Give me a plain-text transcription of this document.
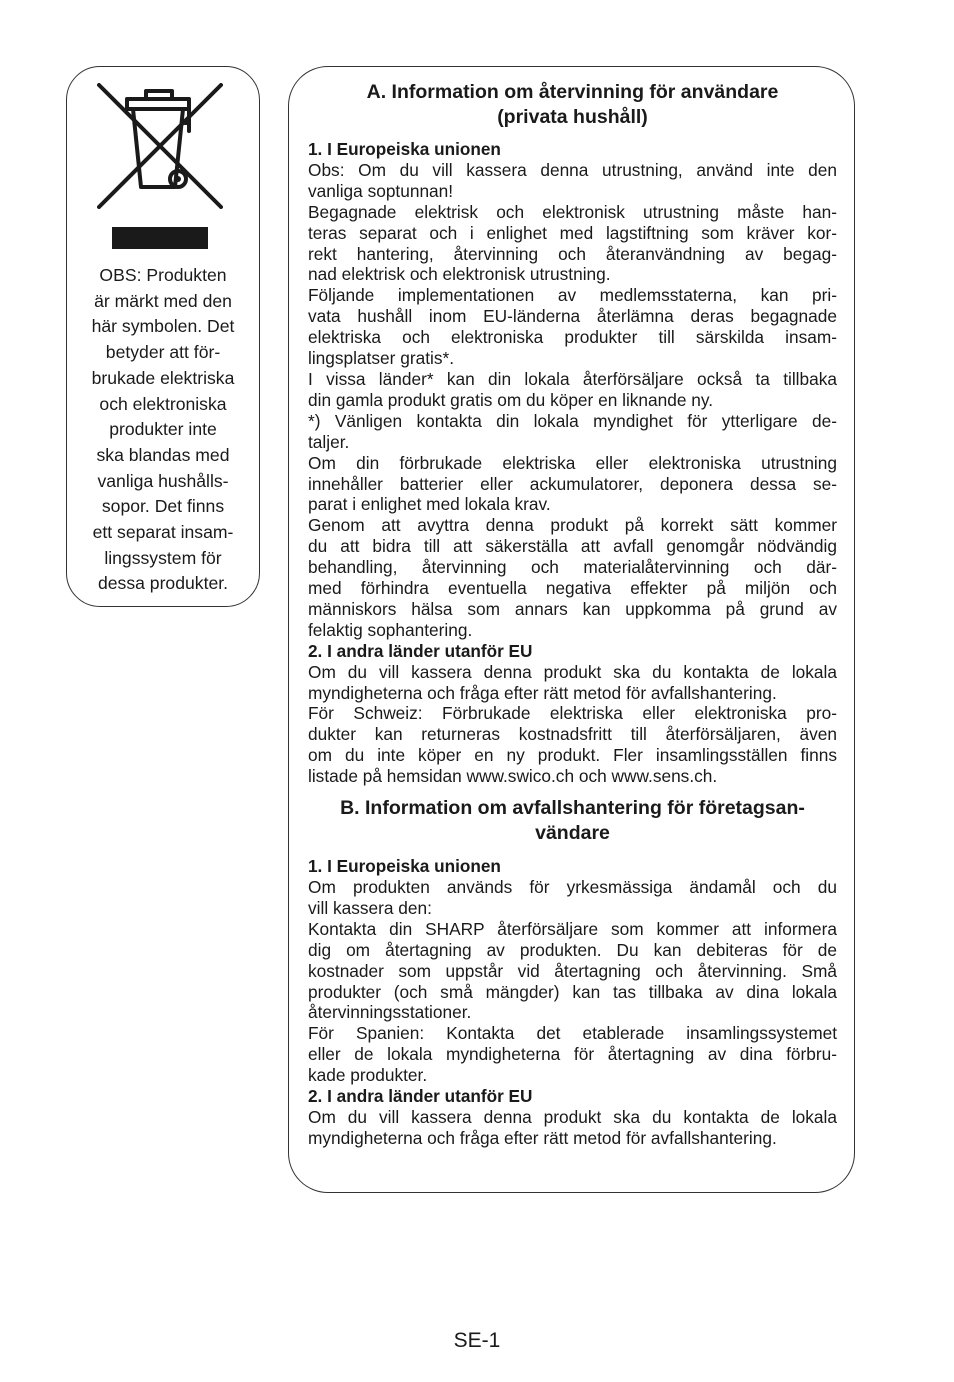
OBS: Produkten
är märkt med den
här symbolen. Det
betyder att för-
brukade elektriska
och elektroniska
produkter inte
ska blandas med
vanliga hushålls-
sopor. Det finns
ett separat insam-
lingssystem för
dessa produkter.
A. Information om återvinning för användare
(privata hushåll)
1. I Europeiska unionen
Obs: Om du vill kassera denna utrustning, använd inte den
vanliga soptunnan!
Begagnade elektrisk och elektronisk utrustning måste han-
teras separat och i enlighet med lagstiftning som kräver kor-
rekt hantering, återvinning och återanvändning av begag-
nad elektrisk och elektronisk utrustning.
Följande implementationen av medlemsstaterna, kan pri-
vata hushåll inom EU-länderna återlämna deras begagnade
elektriska och elektroniska produkter till särskilda insam-
lingsplatser gratis*.
I vissa länder* kan din lokala återförsäljare också ta tillbaka
din gamla produkt gratis om du köper en liknande ny.
*) Vänligen kontakta din lokala myndighet för ytterligare de-
taljer.
Om din förbrukade elektriska eller elektroniska utrustning
innehåller batterier eller ackumulatorer, deponera dessa se-
parat i enlighet med lokala krav.
Genom att avyttra denna produkt på korrekt sätt kommer
du att bidra till att säkerställa att avfall genomgår nödvändig
behandling, återvinning och materialåtervinning och där-
med förhindra eventuella negativa effekter på miljön och
människors hälsa som annars kan uppkomma på grund av
felaktig sophantering.
2. I andra länder utanför EU
Om du vill kassera denna produkt ska du kontakta de lokala
myndigheterna och fråga efter rätt metod för avfallshantering.
För Schweiz: Förbrukade elektriska eller elektroniska pro-
dukter kan returneras kostnadsfritt till återförsäljaren, även
om du inte köper en ny produkt. Fler insamlingsställen finns
listade på hemsidan www.swico.ch och www.sens.ch.
B. Information om avfallshantering för företagsan-
vändare
1. I Europeiska unionen
Om produkten används för yrkesmässiga ändamål och du
vill kassera den:
Kontakta din SHARP återförsäljare som kommer att informera
dig om återtagning av produkten. Du kan debiteras för de
kostnader som uppstår vid återtagning och återvinning. Små
produkter (och små mängder) kan tas tillbaka av dina lokala
återvinningsstationer.
För Spanien: Kontakta det etablerade insamlingssystemet
eller de lokala myndigheterna för återtagning av dina förbru-
kade produkter.
2. I andra länder utanför EU
Om du vill kassera denna produkt ska du kontakta de lokala
myndigheterna och fråga efter rätt metod för avfallshantering.
SE-1
